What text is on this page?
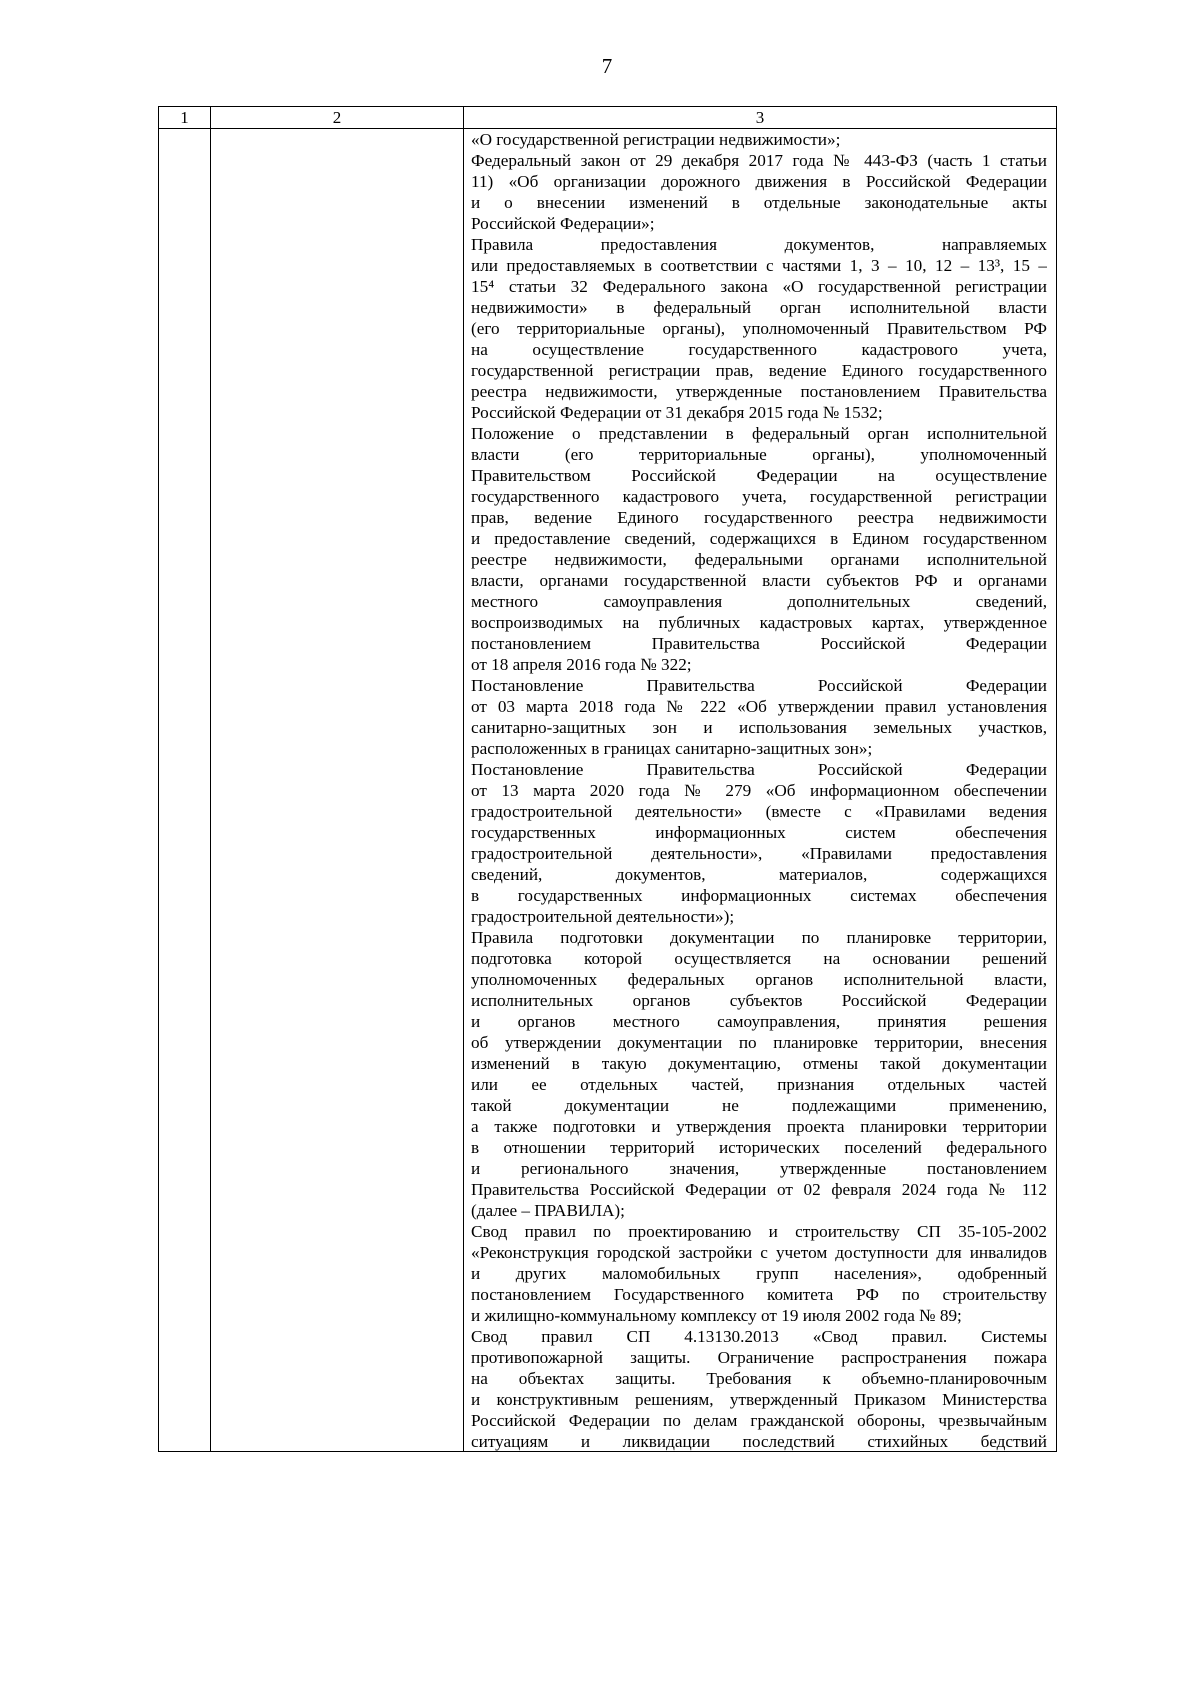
7
1	2	3
«О государственной регистрации недвижимости»;
Федеральный закон от 29 декабря 2017 года № 443-ФЗ (часть 1 статьи
11) «Об организации дорожного движения в Российской Федерации
и о внесении изменений в отдельные законодательные акты
Российской Федерации»;
Правила предоставления документов, направляемых
или предоставляемых в соответствии с частями 1, 3 – 10, 12 – 13³, 15 –
15⁴ статьи 32 Федерального закона «О государственной регистрации
недвижимости» в федеральный орган исполнительной власти
(его территориальные органы), уполномоченный Правительством РФ
на осуществление государственного кадастрового учета,
государственной регистрации прав, ведение Единого государственного
реестра недвижимости, утвержденные постановлением Правительства
Российской Федерации от 31 декабря 2015 года № 1532;
Положение о представлении в федеральный орган исполнительной
власти (его территориальные органы), уполномоченный
Правительством Российской Федерации на осуществление
государственного кадастрового учета, государственной регистрации
прав, ведение Единого государственного реестра недвижимости
и предоставление сведений, содержащихся в Едином государственном
реестре недвижимости, федеральными органами исполнительной
власти, органами государственной власти субъектов РФ и органами
местного самоуправления дополнительных сведений,
воспроизводимых на публичных кадастровых картах, утвержденное
постановлением Правительства Российской Федерации
от 18 апреля 2016 года № 322;
Постановление Правительства Российской Федерации
от 03 марта 2018 года № 222 «Об утверждении правил установления
санитарно-защитных зон и использования земельных участков,
расположенных в границах санитарно-защитных зон»;
Постановление Правительства Российской Федерации
от 13 марта 2020 года № 279 «Об информационном обеспечении
градостроительной деятельности» (вместе с «Правилами ведения
государственных информационных систем обеспечения
градостроительной деятельности», «Правилами предоставления
сведений, документов, материалов, содержащихся
в государственных информационных системах обеспечения
градостроительной деятельности»);
Правила подготовки документации по планировке территории,
подготовка которой осуществляется на основании решений
уполномоченных федеральных органов исполнительной власти,
исполнительных органов субъектов Российской Федерации
и органов местного самоуправления, принятия решения
об утверждении документации по планировке территории, внесения
изменений в такую документацию, отмены такой документации
или ее отдельных частей, признания отдельных частей
такой документации не подлежащими применению,
а также подготовки и утверждения проекта планировки территории
в отношении территорий исторических поселений федерального
и регионального значения, утвержденные постановлением
Правительства Российской Федерации от 02 февраля 2024 года № 112
(далее – ПРАВИЛА);
Свод правил по проектированию и строительству СП 35-105-2002
«Реконструкция городской застройки с учетом доступности для инвалидов
и других маломобильных групп населения», одобренный
постановлением Государственного комитета РФ по строительству
и жилищно-коммунальному комплексу от 19 июля 2002 года № 89;
Свод правил СП 4.13130.2013 «Свод правил. Системы
противопожарной защиты. Ограничение распространения пожара
на объектах защиты. Требования к объемно-планировочным
и конструктивным решениям, утвержденный Приказом Министерства
Российской Федерации по делам гражданской обороны, чрезвычайным
ситуациям и ликвидации последствий стихийных бедствий
